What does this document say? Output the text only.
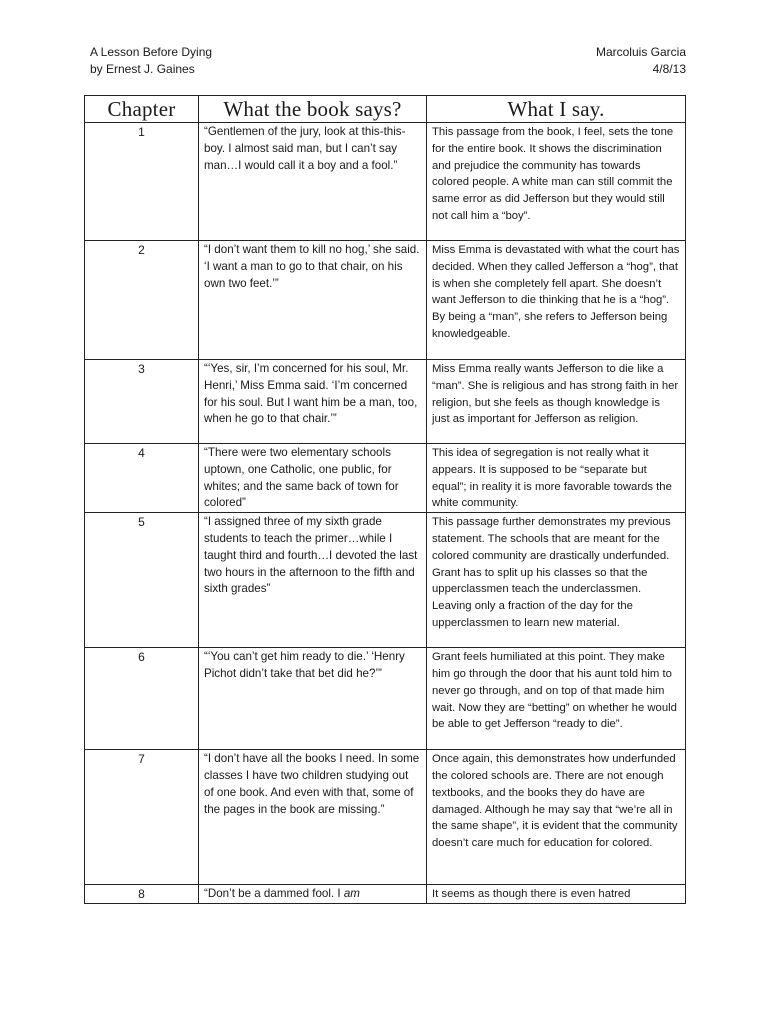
A Lesson Before Dying	Marcoluis Garcia
by Ernest J. Gaines	4/8/13
Chapter	What the book says?	What I say.
1	“Gentlemen of the jury, look at this-this-boy. I almost said man, but I can’t say man…I would call it a boy and a fool.”	This passage from the book, I feel, sets the tone for the entire book. It shows the discrimination and prejudice the community has towards colored people. A white man can still commit the same error as did Jefferson but they would still not call him a “boy”.
2	“I don’t want them to kill no hog,’ she said. ‘I want a man to go to that chair, on his own two feet.’”	Miss Emma is devastated with what the court has decided. When they called Jefferson a “hog”, that is when she completely fell apart. She doesn’t want Jefferson to die thinking that he is a “hog”. By being a “man”, she refers to Jefferson being knowledgeable.
3	“‘Yes, sir, I’m concerned for his soul, Mr. Henri,’ Miss Emma said. ‘I’m concerned for his soul. But I want him be a man, too, when he go to that chair.’”	Miss Emma really wants Jefferson to die like a “man”. She is religious and has strong faith in her religion, but she feels as though knowledge is just as important for Jefferson as religion.
4	“There were two elementary schools uptown, one Catholic, one public, for whites; and the same back of town for colored”	This idea of segregation is not really what it appears. It is supposed to be “separate but equal”; in reality it is more favorable towards the white community.
5	“I assigned three of my sixth grade students to teach the primer…while I taught third and fourth…I devoted the last two hours in the afternoon to the fifth and sixth grades”	This passage further demonstrates my previous statement. The schools that are meant for the colored community are drastically underfunded. Grant has to split up his classes so that the upperclassmen teach the underclassmen. Leaving only a fraction of the day for the upperclassmen to learn new material.
6	“‘You can’t get him ready to die.’ ‘Henry Pichot didn’t take that bet did he?’”	Grant feels humiliated at this point. They make him go through the door that his aunt told him to never go through, and on top of that made him wait. Now they are “betting” on whether he would be able to get Jefferson “ready to die”.
7	“I don’t have all the books I need. In some classes I have two children studying out of one book. And even with that, some of the pages in the book are missing.”	Once again, this demonstrates how underfunded the colored schools are. There are not enough textbooks, and the books they do have are damaged. Although he may say that “we’re all in the same shape”, it is evident that the community doesn’t care much for education for colored.
8	“Don’t be a dammed fool. I am	It seems as though there is even hatred
